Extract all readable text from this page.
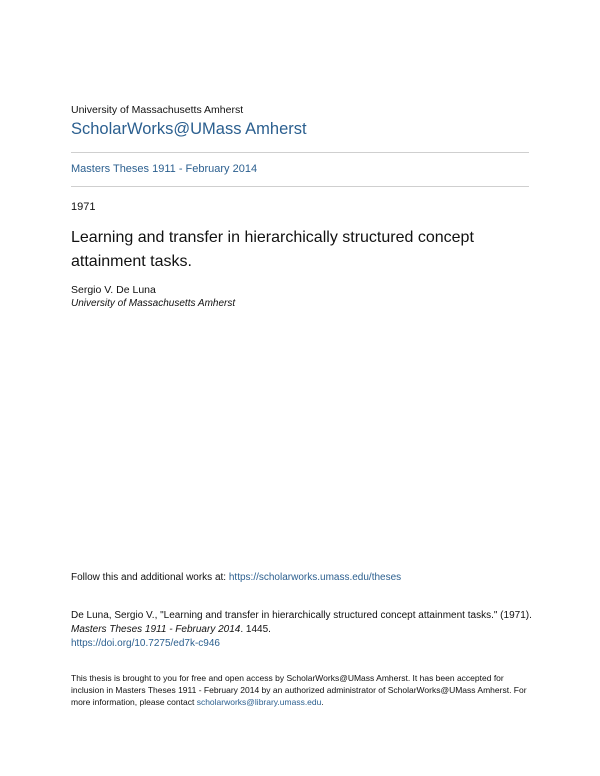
University of Massachusetts Amherst
ScholarWorks@UMass Amherst
Masters Theses 1911 - February 2014
1971
Learning and transfer in hierarchically structured concept attainment tasks.
Sergio V. De Luna
University of Massachusetts Amherst
Follow this and additional works at: https://scholarworks.umass.edu/theses
De Luna, Sergio V., "Learning and transfer in hierarchically structured concept attainment tasks." (1971).
Masters Theses 1911 - February 2014. 1445.
https://doi.org/10.7275/ed7k-c946
This thesis is brought to you for free and open access by ScholarWorks@UMass Amherst. It has been accepted for inclusion in Masters Theses 1911 - February 2014 by an authorized administrator of ScholarWorks@UMass Amherst. For more information, please contact scholarworks@library.umass.edu.
